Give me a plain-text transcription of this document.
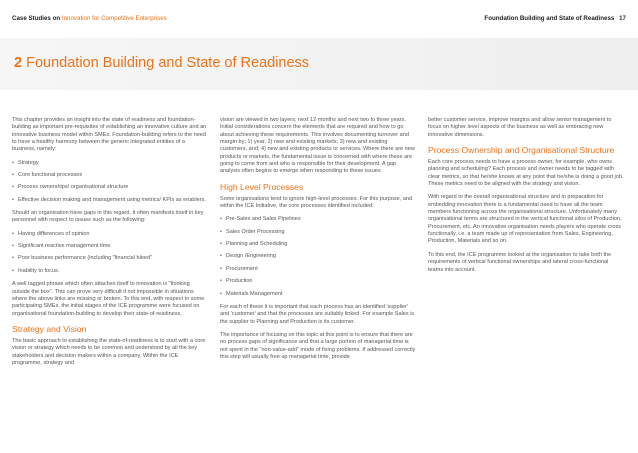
Case Studies on Innovation for Competitive Enterprises	Foundation Building and State of Readiness 17
2 Foundation Building and State of Readiness

This chapter provides an insight into the state of readiness and foundation-building as important pre-requisites of establishing an innovative culture and an innovative business model within SMEs. Foundation-building refers to the need to have a healthy harmony between the generic integrated entities of a business, namely:

• Strategy
• Core functional processes
• Process ownerships/ organisational structure
• Effective decision making and management using metrics/ KPIs as enablers.

Should an organisation have gaps in this regard, it often manifests itself in key personnel with respect to issues such as the following:

• Having differences of opinion
• Significant reactive management time
• Poor business performance (including "financial bleed"
• Inability to focus.

A well tagged phrase which often attaches itself to innovation is "thinking outside the box". This can prove very difficult if not impossible in situations where the above links are missing or broken. To this end, with respect to some participating SMEs, the initial stages of the ICE programme were focused on organisational foundation-building to develop their state-of-readiness.

Strategy and Vision

The basic approach to establishing the state-of-readiness is to start with a core vision or strategy which needs to be common and understood by all the key stakeholders and decision makers within a company. Within the ICE programme, strategy and

vision are viewed in two layers; next 12 months and next two to three years. Initial considerations concern the elements that are required and how to go about achieving these requirements. This involves documenting turnover and margin by; 1) year, 2) new and existing markets; 3) new and existing customers, and; 4) new and existing products or services. Where there are new products or markets, the fundamental issue is concerned with where these are going to come from and who is responsible for their development. A gap analysis often begins to emerge when responding to these issues.

High Level Processes

Some organisations tend to ignore high-level processes. For this purpose, and within the ICE Initiative, the core processes identified included:

• Pre-Sales and Sales Pipelines
• Sales Order Processing
• Planning and Scheduling
• Design /Engineering
• Procurement
• Production
• Materials Management

For each of these it is important that each process has an identified 'supplier' and 'customer' and that the processes are suitably linked. For example Sales is the supplier to Planning and Production is its customer.

The importance of focusing on this topic at this point is to ensure that there are no process gaps of significance and that a large portion of managerial time is not spent in the "non-value-add" mode of fixing problems. If addressed correctly this step will usually free up managerial time, provide

better customer service, improve margins and allow senior management to focus on higher level aspects of the business as well as embracing new innovative dimensions.

Process Ownership and Organisational Structure

Each core process needs to have a process owner, for example, who owns planning and scheduling? Each process and owner needs to be tagged with clear metrics, so that he/she knows at any point that he/she is doing a good job. These metrics need to be aligned with the strategy and vision.

With regard to the overall organisational structure and in preparation for embedding innovation there is a fundamental need to have all the team members functioning across the organisational structure. Unfortunately many organisational terms are structured in the vertical functional silos of Production, Procurement, etc. An innovative organisation needs players who operate cross functionally, i.e. a team made up of representation from Sales, Engineering, Production, Materials and so on.

To this end, the ICE programme looked at the organisation to take both the requirements of vertical functional ownerships and lateral cross-functional teams into account.
